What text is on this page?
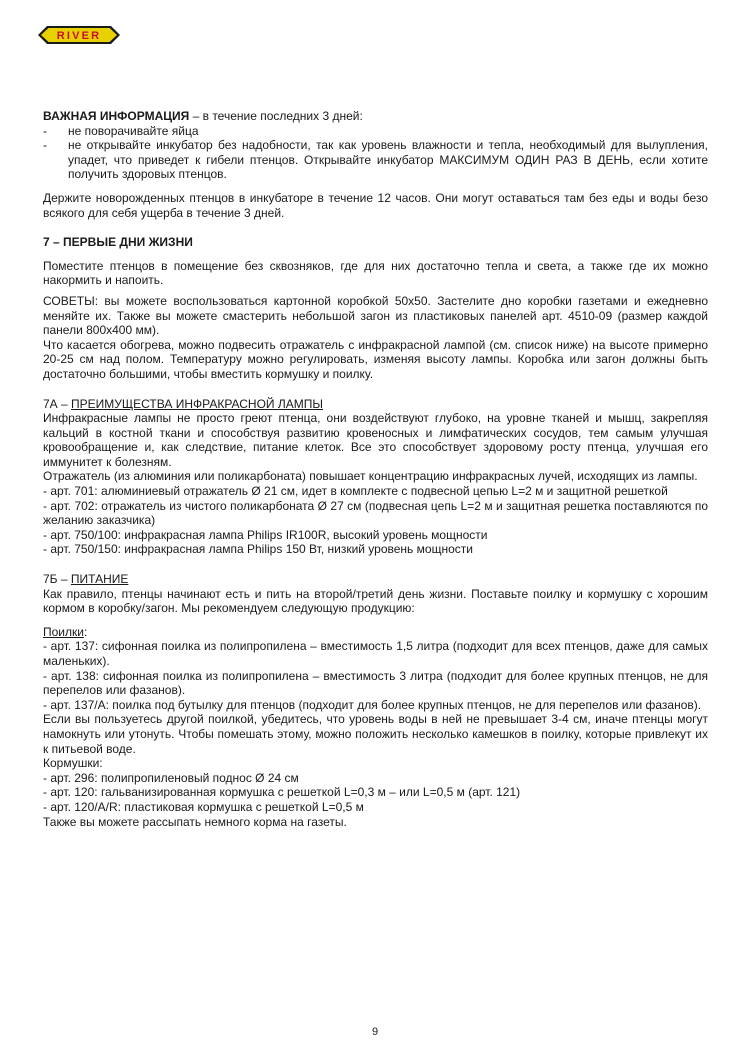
RIVER

ВАЖНАЯ ИНФОРМАЦИЯ – в течение последних 3 дней:

- не поворачивайте яйца
- не открывайте инкубатор без надобности, так как уровень влажности и тепла, необходимый для вылупления, упадет, что приведет к гибели птенцов. Открывайте инкубатор МАКСИМУМ ОДИН РАЗ В ДЕНЬ, если хотите получить здоровых птенцов.

Держите новорожденных птенцов в инкубаторе в течение 12 часов. Они могут оставаться там без еды и воды безо всякого для себя ущерба в течение 3 дней.

7 – ПЕРВЫЕ ДНИ ЖИЗНИ

Поместите птенцов в помещение без сквозняков, где для них достаточно тепла и света, а также где их можно накормить и напоить.

СОВЕТЫ: вы можете воспользоваться картонной коробкой 50x50. Застелите дно коробки газетами и ежедневно меняйте их. Также вы можете смастерить небольшой загон из пластиковых панелей арт. 4510-09 (размер каждой панели 800x400 мм).

Что касается обогрева, можно подвесить отражатель с инфракрасной лампой (см. список ниже) на высоте примерно 20-25 см над полом. Температуру можно регулировать, изменяя высоту лампы. Коробка или загон должны быть достаточно большими, чтобы вместить кормушку и поилку.

7А – ПРЕИМУЩЕСТВА ИНФРАКРАСНОЙ ЛАМПЫ

Инфракрасные лампы не просто греют птенца, они воздействуют глубоко, на уровне тканей и мышц, закрепляя кальций в костной ткани и способствуя развитию кровеносных и лимфатических сосудов, тем самым улучшая кровообращение и, как следствие, питание клеток. Все это способствует здоровому росту птенца, улучшая его иммунитет к болезням.

Отражатель (из алюминия или поликарбоната) повышает концентрацию инфракрасных лучей, исходящих из лампы.

- арт. 701: алюминиевый отражатель Ø 21 см, идет в комплекте с подвесной цепью L=2 м и защитной решеткой

- арт. 702: отражатель из чистого поликарбоната Ø 27 см (подвесная цепь L=2 м и защитная решетка поставляются по желанию заказчика)

- арт. 750/100: инфракрасная лампа Philips IR100R, высокий уровень мощности

- арт. 750/150: инфракрасная лампа Philips 150 Вт, низкий уровень мощности

7Б – ПИТАНИЕ

Как правило, птенцы начинают есть и пить на второй/третий день жизни. Поставьте поилку и кормушку с хорошим кормом в коробку/загон. Мы рекомендуем следующую продукцию:

Поилки:

- арт. 137: сифонная поилка из полипропилена – вместимость 1,5 литра (подходит для всех птенцов, даже для самых маленьких).

- арт. 138: сифонная поилка из полипропилена – вместимость 3 литра (подходит для более крупных птенцов, не для перепелов или фазанов).

- арт. 137/A: поилка под бутылку для птенцов (подходит для более крупных птенцов, не для перепелов или фазанов).

Если вы пользуетесь другой поилкой, убедитесь, что уровень воды в ней не превышает 3-4 см, иначе птенцы могут намокнуть или утонуть. Чтобы помешать этому, можно положить несколько камешков в поилку, которые привлекут их к питьевой воде.

Кормушки:

- арт. 296: полипропиленовый поднос Ø 24 см

- арт. 120: гальванизированная кормушка с решеткой L=0,3 м – или L=0,5 м (арт. 121)

- арт. 120/A/R: пластиковая кормушка с решеткой L=0,5 м

Также вы можете рассыпать немного корма на газеты.

9
